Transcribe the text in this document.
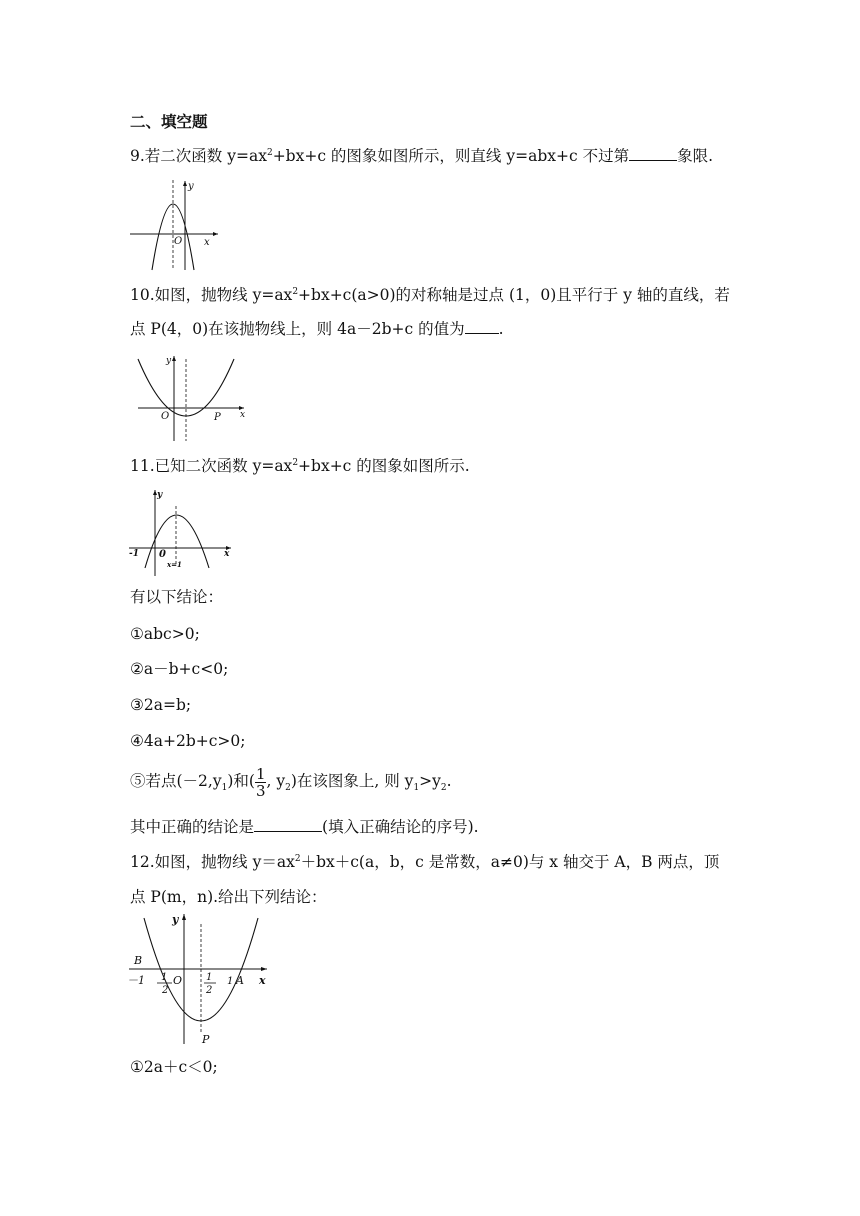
二、填空题

9.若二次函数 $y=ax^2+bx+c$ 的图象如图所示，则直线 y=abx+c 不过第	象限.

y
x
O

10.如图，抛物线 $y=ax^2+bx+c(a>0)$的对称轴是过点 (1，0)且平行于 y 轴的直线，若

点 P(4，0)在该抛物线上，则 4a－2b+c 的值为 .

y
x
O	P

11.已知二次函数 $y=ax^2+bx+c$ 的图象如图所示.

y
x
0
-1
x=1

有以下结论：

①abc>0;

②a－b+c<0;

③2a=b;

④4a+2b+c>0;

⑤若点$(-2,y_1)$和( $\frac{1}{3}$ , $y_2$)在该图象上, 则 $y_1>y_2$.

其中正确的结论是	(填入正确结论的序号).

12.如图，抛物线 $y=ax^2+bx+c(a$，b，c 是常数，a≠0)与 x 轴交于 A，B 两点，顶

点 P(m，n).给出下列结论：

y
x
O
B
A
P
－1 1
2
1
2
1

①2a＋c＜0;
